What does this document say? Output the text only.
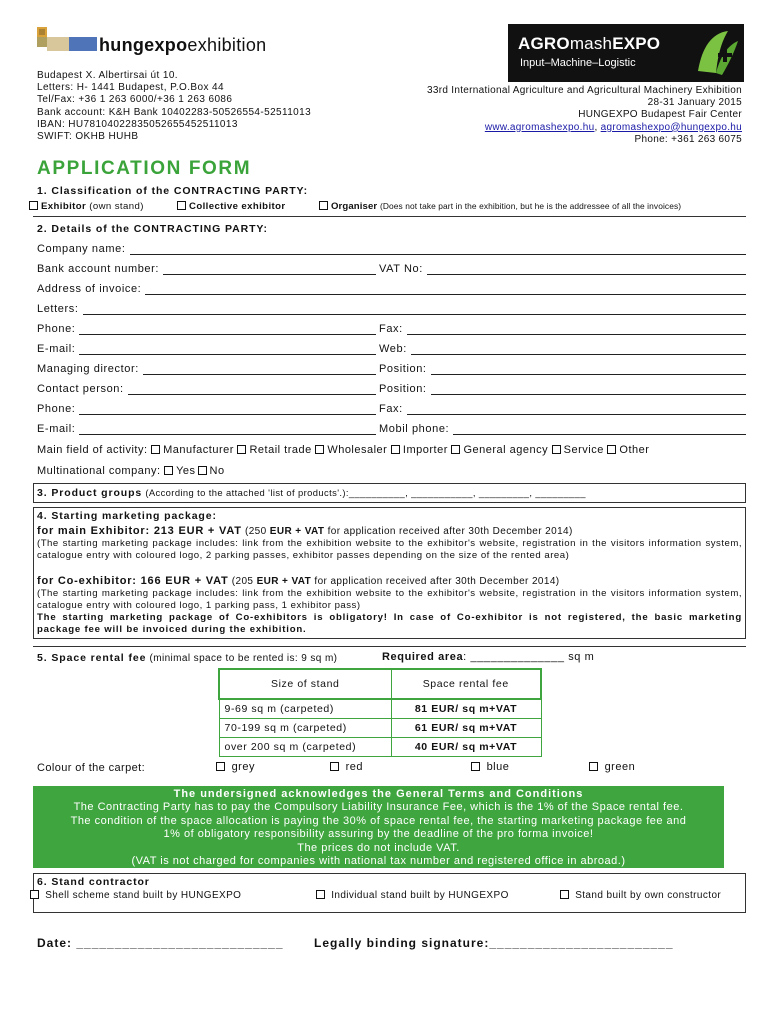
hungexpoexhibition
Budapest X. Albertirsai út 10.
Letters: H- 1441 Budapest, P.O.Box 44
Tel/Fax: +36 1 263 6000/+36 1 263 6086
Bank account: K&H Bank 10402283-50526554-52511013
IBAN: HU78104022835052655452511013
SWIFT: OKHB HUHB
AGROmashEXPO
Input–Machine–Logistic
33rd International Agriculture and Agricultural Machinery Exhibition
28-31 January 2015
HUNGEXPO Budapest Fair Center
www.agromashexpo.hu, agromashexpo@hungexpo.hu
Phone: +361 263 6075
APPLICATION FORM
1. Classification of the CONTRACTING PARTY:
Exhibitor (own stand)	Collective exhibitor	Organiser (Does not take part in the exhibition, but he is the addressee of all the invoices)
2. Details of the CONTRACTING PARTY:
Company name:
Bank account number:	VAT No:
Address of invoice:
Letters:
Phone:	Fax:
E-mail:	Web:
Managing director:	Position:
Contact person:	Position:
Phone:	Fax:
E-mail:	Mobil phone:
Main field of activity: Manufacturer Retail trade Wholesaler Importer General agency Service Other
Multinational company: Yes No
3. Product groups (According to the attached 'list of products'.):__________, ___________, _________, _________
4. Starting marketing package:
for main Exhibitor: 213 EUR + VAT (250 EUR + VAT for application received after 30th December 2014)
(The starting marketing package includes: link from the exhibition website to the exhibitor's website, registration in the visitors information system, catalogue entry with coloured logo, 2 parking passes, exhibitor passes depending on the size of the rented area)
for Co-exhibitor: 166 EUR + VAT (205 EUR + VAT for application received after 30th December 2014)
(The starting marketing package includes: link from the exhibition website to the exhibitor's website, registration in the visitors information system, catalogue entry with coloured logo, 1 parking pass, 1 exhibitor pass)
The starting marketing package of Co-exhibitors is obligatory! In case of Co-exhibitor is not registered, the basic marketing package fee will be invoiced during the exhibition.
5. Space rental fee (minimal space to be rented is: 9 sq m)	Required area: ______________ sq m
Size of stand	Space rental fee
9-69 sq m (carpeted)	81 EUR/ sq m+VAT
70-199 sq m (carpeted)	61 EUR/ sq m+VAT
over 200 sq m (carpeted)	40 EUR/ sq m+VAT
Colour of the carpet:	grey	red	blue	green
The undersigned acknowledges the General Terms and Conditions
The Contracting Party has to pay the Compulsory Liability Insurance Fee, which is the 1% of the Space rental fee.
The condition of the space allocation is paying the 30% of space rental fee, the starting marketing package fee and
1% of obligatory responsibility assuring by the deadline of the pro forma invoice!
The prices do not include VAT.
(VAT is not charged for companies with national tax number and registered office in abroad.)
6. Stand contractor
Shell scheme stand built by HUNGEXPO	Individual stand built by HUNGEXPO	Stand built by own constructor
Date: ___________________________	Legally binding signature:________________________
